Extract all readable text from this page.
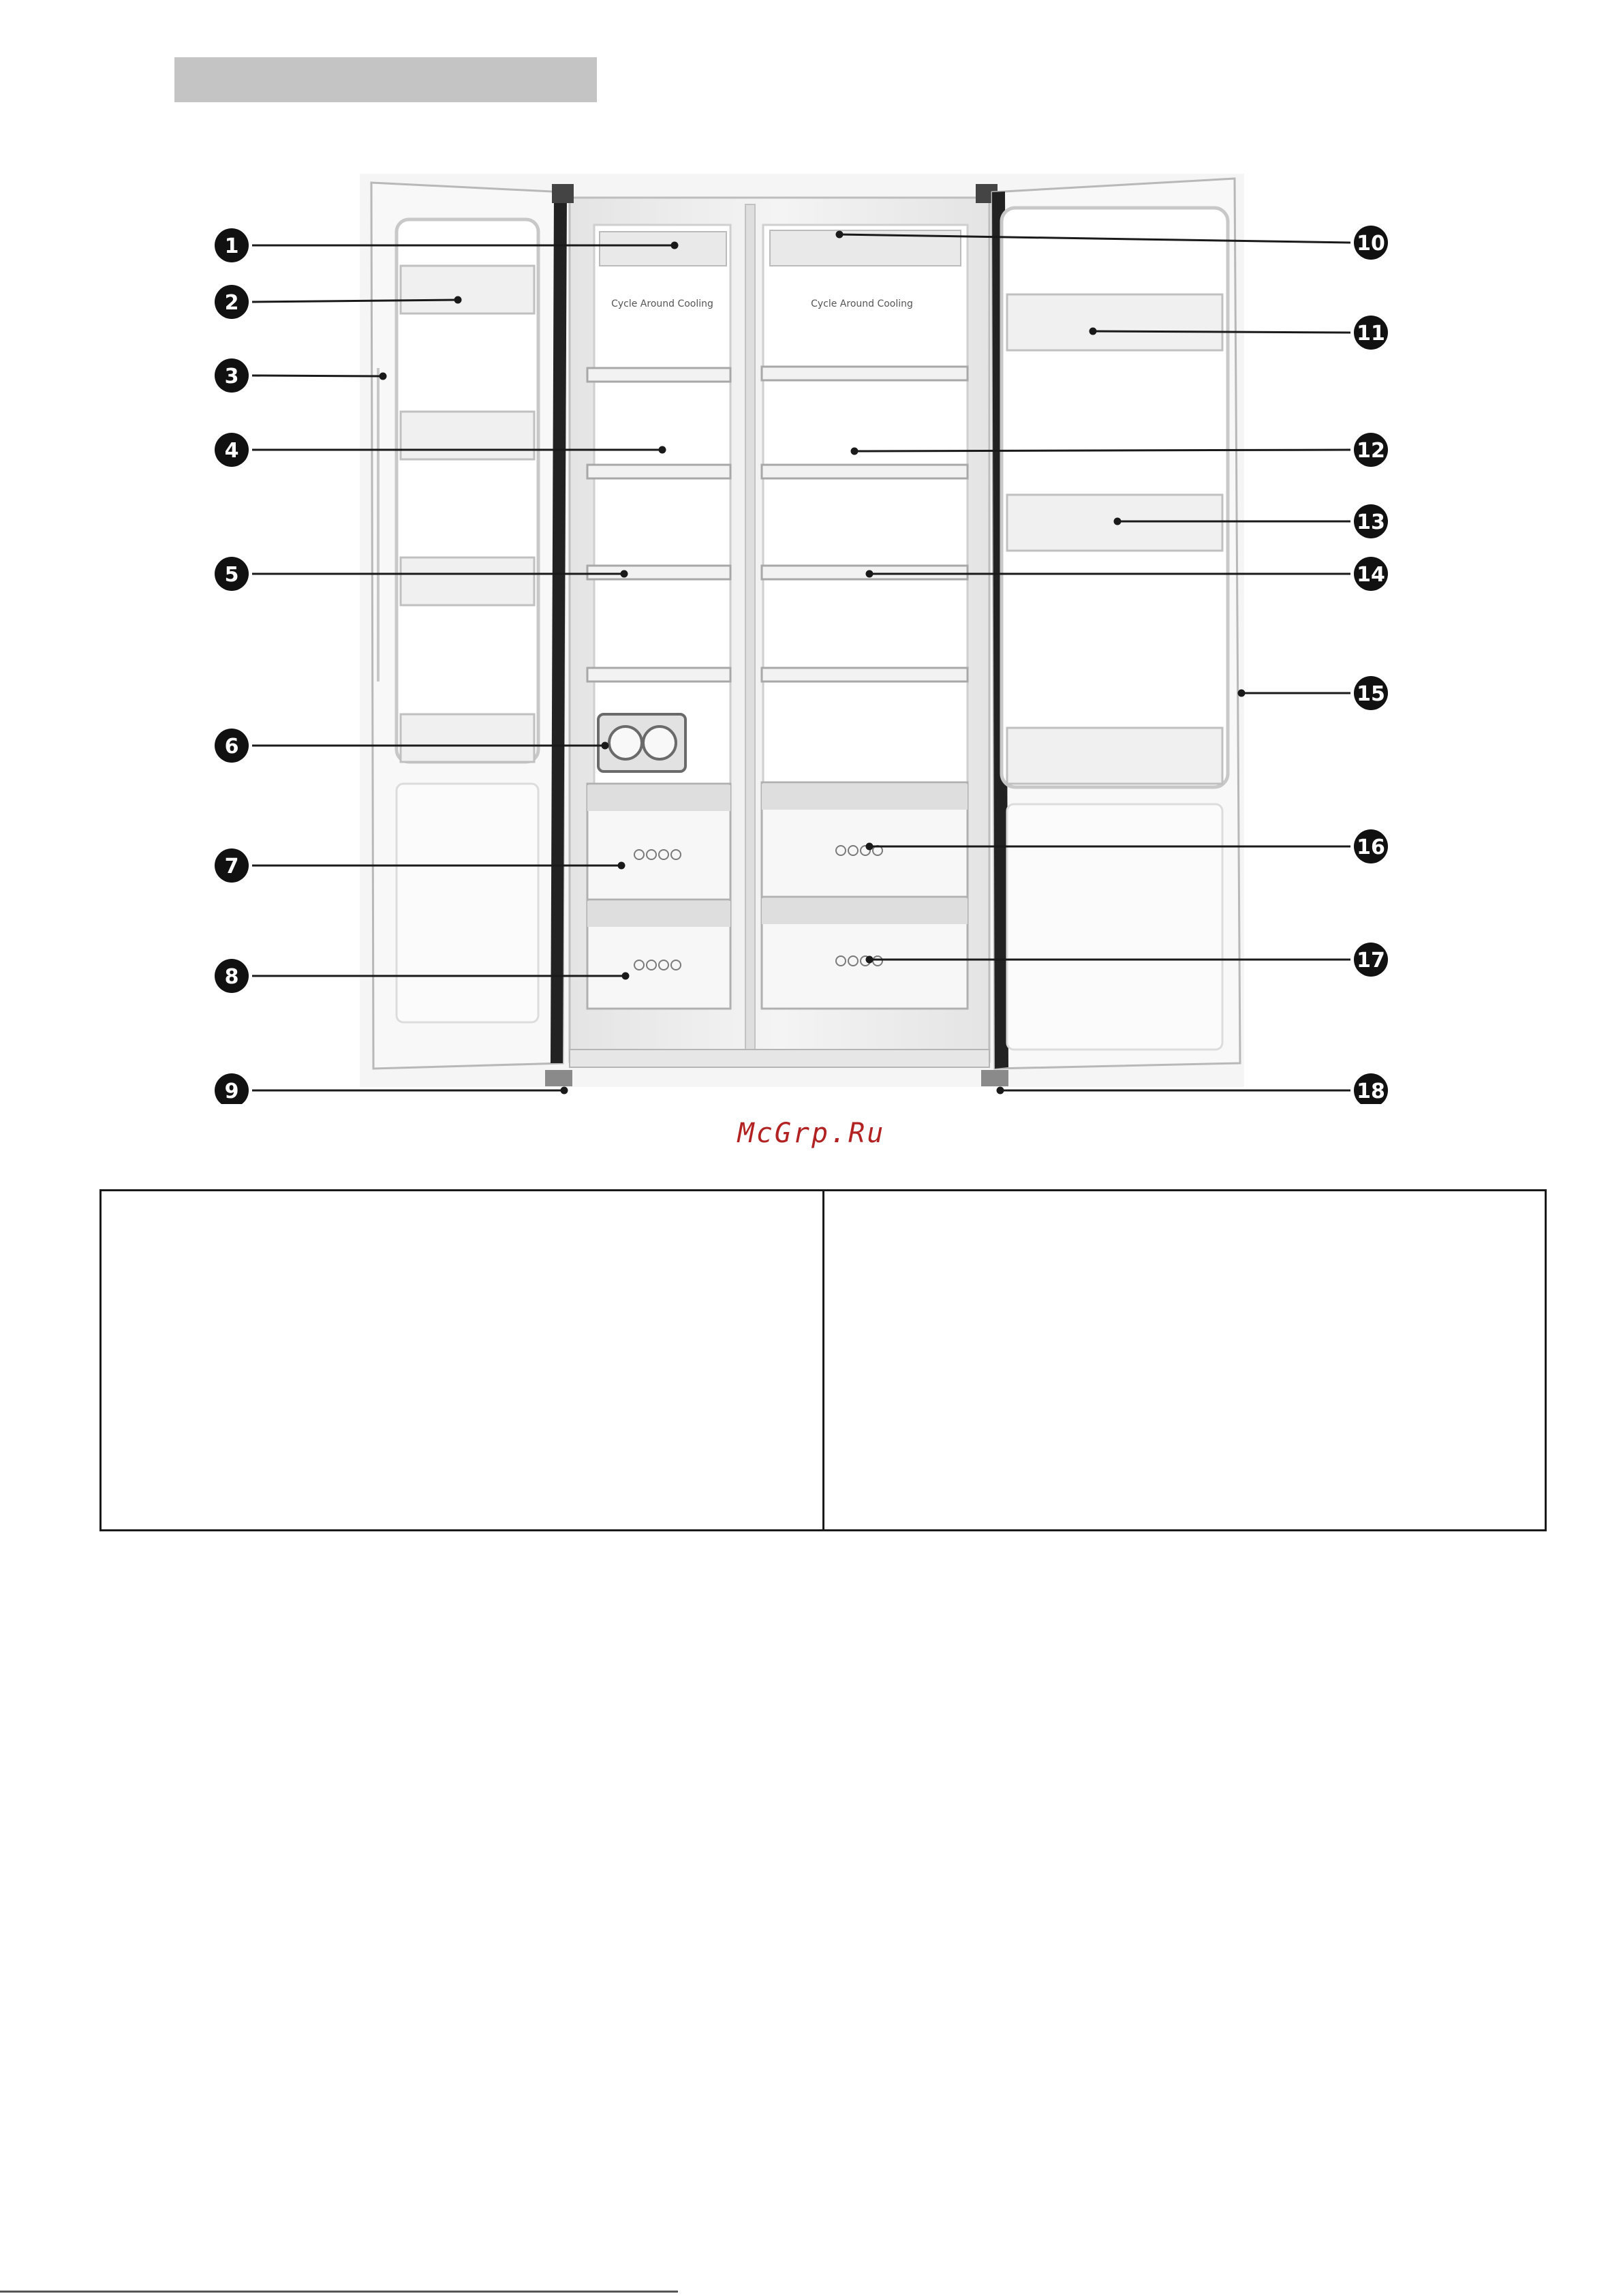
Cycle Around Cooling	Cycle Around Cooling
1
2
3
4
5
6
7
8
9
10
11
12
13
14
15
16
17
18
McGrp.Ru
